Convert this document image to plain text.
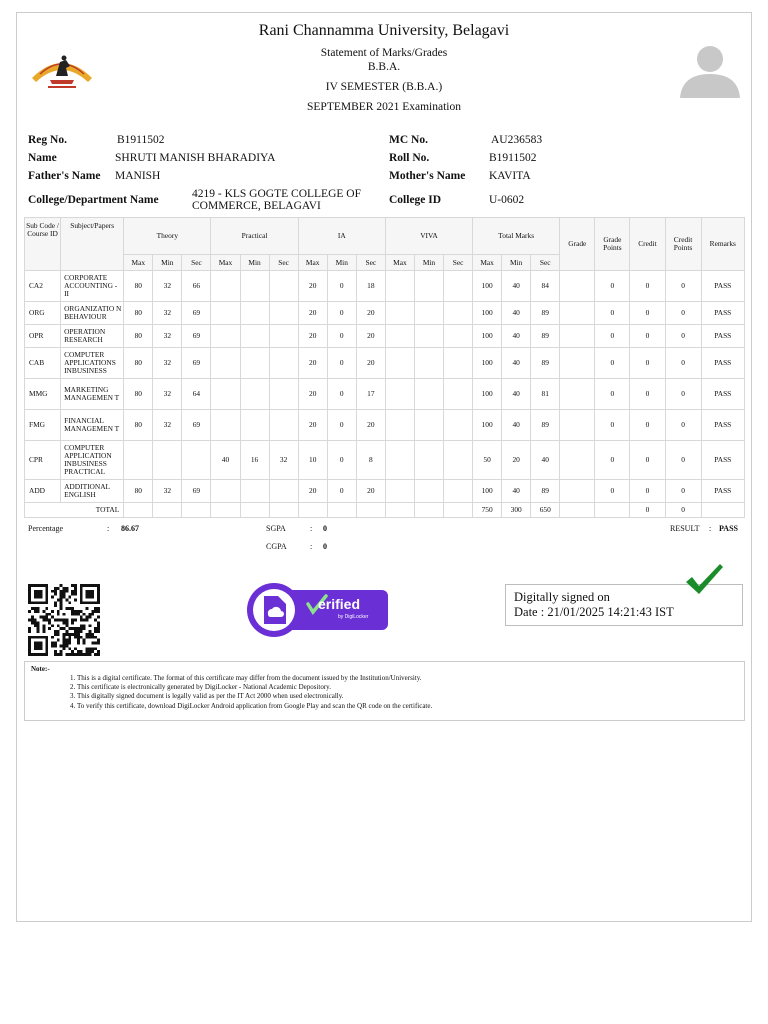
Rani Channamma University, Belagavi
Statement of Marks/Grades
B.B.A.
IV SEMESTER (B.B.A.)
SEPTEMBER 2021 Examination
Reg No.	B1911502
Name	SHRUTI MANISH BHARADIYA
Father's Name MANISH
College/Department Name	4219 - KLS GOGTE COLLEGE OF COMMERCE, BELAGAVI
MC No.	AU236583
Roll No.	B1911502
Mother's Name KAVITA
College ID	U-0602
Sub Code / Course ID	Subject/Papers	Theory			Practical			IA			VIVA			Total Marks			Grade	Grade Points	Credit	Credit Points	Remarks
		Max	Min	Sec	Max	Min	Sec	Max	Min	Sec	Max	Min	Sec	Max	Min	Sec					
CA2	CORPORATE ACCOUNTING - II	80	32	66				20	0	18				100	40	84		0	0	0	PASS
ORG	ORGANIZATIO N BEHAVIOUR	80	32	69				20	0	20				100	40	89		0	0	0	PASS
OPR	OPERATION RESEARCH	80	32	69				20	0	20				100	40	89		0	0	0	PASS
CAB	COMPUTER APPLICATIONS INBUSINESS	80	32	69				20	0	20				100	40	89		0	0	0	PASS
MMG	MARKETING MANAGEMEN T	80	32	64				20	0	17				100	40	81		0	0	0	PASS
FMG	FINANCIAL MANAGEMEN T	80	32	69				20	0	20				100	40	89		0	0	0	PASS
CPR	COMPUTER APPLICATION INBUSINESS PRACTICAL				40	16	32	10	0	8				50	20	40		0	0	0	PASS
ADD	ADDITIONAL ENGLISH	80	32	69				20	0	20				100	40	89		0	0	0	PASS
TOTAL														750	300	650			0	0	
Percentage	: 86.67	SGPA	: 0
CGPA	: 0
RESULT : PASS
erified
by DigiLocker
Digitally signed on
Date : 21/01/2025 14:21:43 IST
Note:-
1. This is a digital certificate. The format of this certificate may differ from the document issued by the Institution/University.
2. This certificate is electronically generated by DigiLocker - National Academic Depository.
3. This digitally signed document is legally valid as per the IT Act 2000 when used electronically.
4. To verify this certificate, download DigiLocker Android application from Google Play and scan the QR code on the certificate.
